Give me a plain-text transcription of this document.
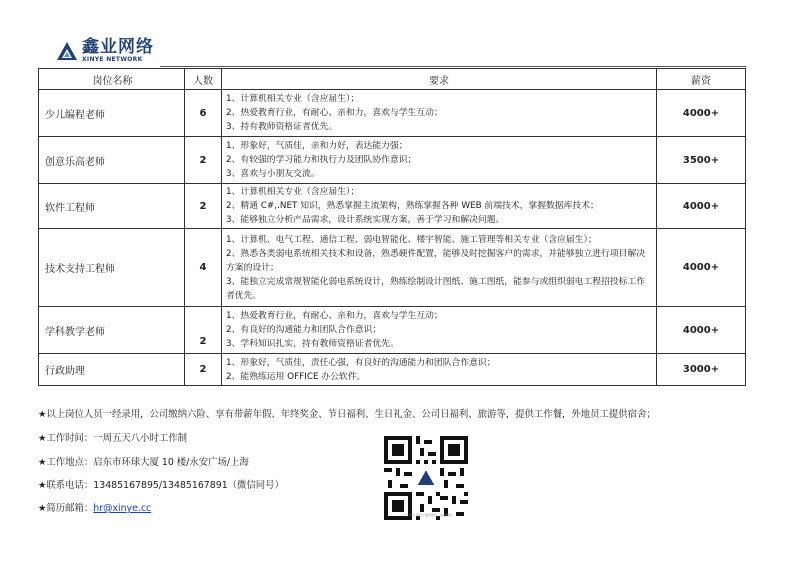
鑫业网络
XINYE NETWORK
岗位名称	人数	要求	薪资
少儿编程老师	6	1、计算机相关专业（含应届生）；
2、热爱教育行业，有耐心、亲和力，喜欢与学生互动；
3、持有教师资格证者优先。	4000+
创意乐高老师	2	1、形象好，气质佳，亲和力好，表达能力强；
2、有较强的学习能力和执行力及团队协作意识；
3、喜欢与小朋友交流。	3500+
软件工程师	2	1、计算机相关专业（含应届生）；
2、精通 C#,.NET 知识，熟悉掌握主流架构，熟练掌握各种 WEB 前端技术，掌握数据库技术；
3、能够独立分析产品需求，设计系统实现方案，善于学习和解决问题。	4000+
技术支持工程师	4	1、计算机、电气工程、通信工程、弱电智能化、楼宇智能、施工管理等相关专业（含应届生）；
2、熟悉各类弱电系统相关技术和设备，熟悉硬件配置，能够及时挖掘客户的需求，并能够独立进行项目解决方案的设计；
3、能独立完成常规智能化弱电系统设计，熟练绘制设计图纸、施工图纸，能参与或组织弱电工程招投标工作者优先。	4000+
学科教学老师	2	1、热爱教育行业，有耐心、亲和力，喜欢与学生互动；
2、有良好的沟通能力和团队合作意识；
3、学科知识扎实，持有教师资格证者优先。	4000+
行政助理	2	1、形象好，气质佳，责任心强，有良好的沟通能力和团队合作意识；
2、能熟练运用 OFFICE 办公软件。	3000+
★以上岗位人员一经录用，公司缴纳六险、享有带薪年假、年终奖金、节日福利、生日礼金、公司日福利、旅游等，提供工作餐，外地员工提供宿舍；
★工作时间：一周五天八小时工作制
★工作地点：启东市环球大厦 10 楼/永安广场/上海
★联系电话：13485167895/13485167891（微信同号）
★简历邮箱：hr@xinye.cc
扫一扫上面的二维码图案，加我微信
